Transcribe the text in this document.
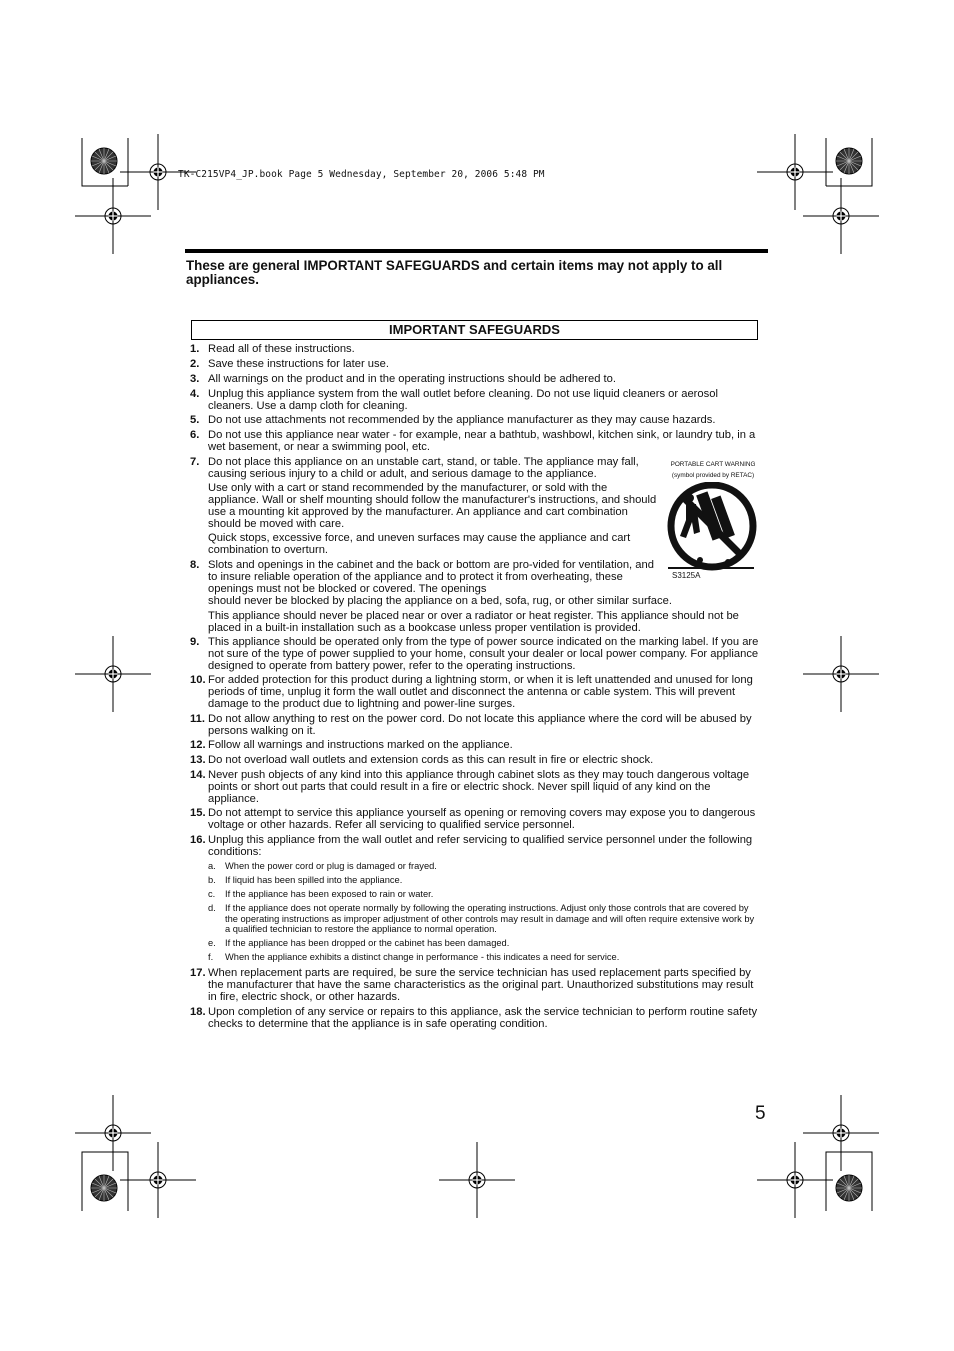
TK-C215VP4_JP.book Page 5 Wednesday, September 20, 2006 5:48 PM
These are general IMPORTANT SAFEGUARDS and certain items may not apply to all appliances.
IMPORTANT SAFEGUARDS
1. Read all of these instructions.

2. Save these instructions for later use.

3. All warnings on the product and in the operating instructions should be adhered to.

4. Unplug this appliance system from the wall outlet before cleaning. Do not use liquid cleaners or aerosol cleaners. Use a damp cloth for cleaning.

5. Do not use attachments not recommended by the appliance manufacturer as they may cause hazards.

6. Do not use this appliance near water - for example, near a bathtub, washbowl, kitchen sink, or laundry tub, in a wet basement, or near a swimming pool, etc.

7. Do not place this appliance on an unstable cart, stand, or table. The appliance may fall, causing serious injury to a child or adult, and serious damage to the appliance.

Use only with a cart or stand recommended by the manufacturer, or sold with the appliance. Wall or shelf mounting should follow the manufacturer's instructions, and should use a mounting kit approved by the manufacturer. An appliance and cart combination should be moved with care.

Quick stops, excessive force, and uneven surfaces may cause the appliance and cart combination to overturn.

8. Slots and openings in the cabinet and the back or bottom are pro-vided for ventilation, and to insure reliable operation of the appliance and to protect it from overheating, these openings must not be blocked or covered. The openings

should never be blocked by placing the appliance on a bed, sofa, rug, or other similar surface.

This appliance should never be placed near or over a radiator or heat register. This appliance should not be placed in a built-in installation such as a bookcase unless proper ventilation is provided.

9. This appliance should be operated only from the type of power source indicated on the marking label. If you are not sure of the type of power supplied to your home, consult your dealer or local power company. For appliance designed to operate from battery power, refer to the operating instructions.

10. For added protection for this product during a lightning storm, or when it is left unattended and unused for long periods of time, unplug it form the wall outlet and disconnect the antenna or cable system. This will prevent damage to the product due to lightning and power-line surges.

11. Do not allow anything to rest on the power cord. Do not locate this appliance where the cord will be abused by persons walking on it.

12. Follow all warnings and instructions marked on the appliance.

13. Do not overload wall outlets and extension cords as this can result in fire or electric shock.

14. Never push objects of any kind into this appliance through cabinet slots as they may touch dangerous voltage points or short out parts that could result in a fire or electric shock. Never spill liquid of any kind on the appliance.

15. Do not attempt to service this appliance yourself as opening or removing covers may expose you to dangerous voltage or other hazards. Refer all servicing to qualified service personnel.

16. Unplug this appliance from the wall outlet and refer servicing to qualified service personnel under the following conditions:

a. When the power cord or plug is damaged or frayed.
b. If liquid has been spilled into the appliance.
c. If the appliance has been exposed to rain or water.
d. If the appliance does not operate normally by following the operating instructions. Adjust only those controls that are covered by the operating instructions as improper adjustment of other controls may result in damage and will often require extensive work by a qualified technician to restore the appliance to normal operation.
e. If the appliance has been dropped or the cabinet has been damaged.
f. When the appliance exhibits a distinct change in performance - this indicates a need for service.
17. When replacement parts are required, be sure the service technician has used replacement parts specified by the manufacturer that have the same characteristics as the original part. Unauthorized substitutions may result in fire, electric shock, or other hazards.

18. Upon completion of any service or repairs to this appliance, ask the service technician to perform routine safety checks to determine that the appliance is in safe operating condition.

PORTABLE CART WARNING
(symbol provided by RETAC)
S3125A
5
